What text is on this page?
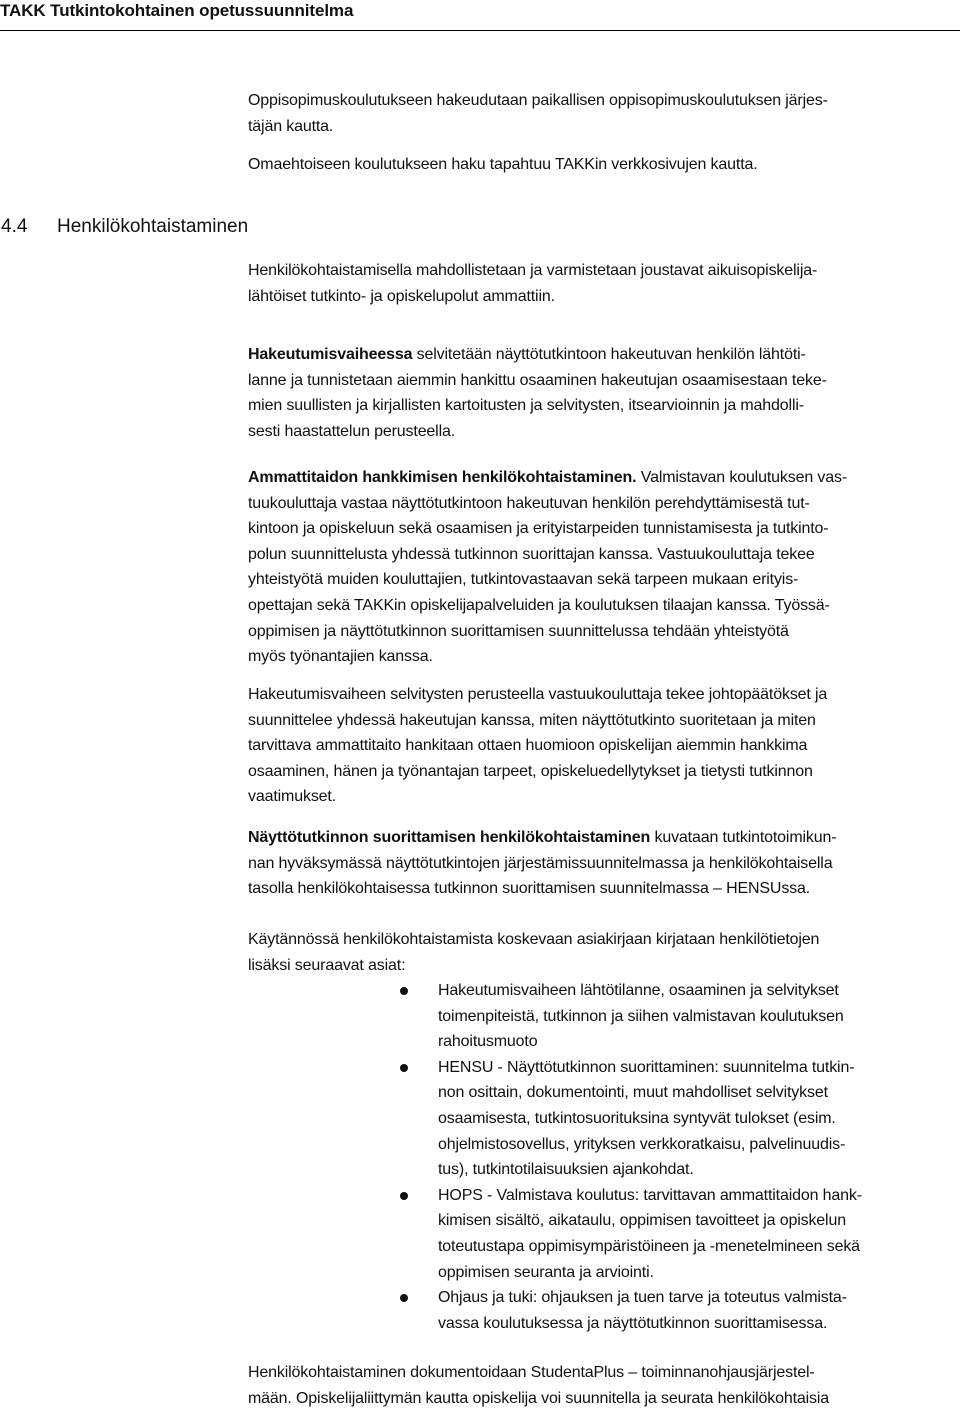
TAKK Tutkintokohtainen opetussuunnitelma
Oppisopimuskoulutukseen hakeudutaan paikallisen oppisopimuskoulutuksen järjes-
täjän kautta.
Omaehtoiseen koulutukseen haku tapahtuu TAKKin verkkosivujen kautta.
4.4 Henkilökohtaistaminen
Henkilökohtaistamisella mahdollistetaan ja varmistetaan joustavat aikuisopiskelija-
lähtöiset tutkinto- ja opiskelupolut ammattiin.
Hakeutumisvaiheessa selvitetään näyttötutkintoon hakeutuvan henkilön lähtöti-
lanne ja tunnistetaan aiemmin hankittu osaaminen hakeutujan osaamisestaan teke-
mien suullisten ja kirjallisten kartoitusten ja selvitysten, itsearvioinnin ja mahdolli-
sesti haastattelun perusteella.
Ammattitaidon hankkimisen henkilökohtaistaminen. Valmistavan koulutuksen vas-
tuukouluttaja vastaa näyttötutkintoon hakeutuvan henkilön perehdyttämisestä tut-
kintoon ja opiskeluun sekä osaamisen ja erityistarpeiden tunnistamisesta ja tutkinto-
polun suunnittelusta yhdessä tutkinnon suorittajan kanssa. Vastuukouluttaja tekee
yhteistyötä muiden kouluttajien, tutkintovastaavan sekä tarpeen mukaan erityis-
opettajan sekä TAKKin opiskelijapalveluiden ja koulutuksen tilaajan kanssa. Työssä-
oppimisen ja näyttötutkinnon suorittamisen suunnittelussa tehdään yhteistyötä
myös työnantajien kanssa.
Hakeutumisvaiheen selvitysten perusteella vastuukouluttaja tekee johtopäätökset ja
suunnittelee yhdessä hakeutujan kanssa, miten näyttötutkinto suoritetaan ja miten
tarvittava ammattitaito hankitaan ottaen huomioon opiskelijan aiemmin hankkima
osaaminen, hänen ja työnantajan tarpeet, opiskeluedellytykset ja tietysti tutkinnon
vaatimukset.
Näyttötutkinnon suorittamisen henkilökohtaistaminen kuvataan tutkintotoimikun-
nan hyväksymässä näyttötutkintojen järjestämissuunnitelmassa ja henkilökohtaisella
tasolla henkilökohtaisessa tutkinnon suorittamisen suunnitelmassa – HENSUssa.
Käytännössä henkilökohtaistamista koskevaan asiakirjaan kirjataan henkilötietojen
lisäksi seuraavat asiat:
Hakeutumisvaiheen lähtötilanne, osaaminen ja selvitykset
toimenpiteistä, tutkinnon ja siihen valmistavan koulutuksen
rahoitusmuoto
HENSU - Näyttötutkinnon suorittaminen: suunnitelma tutkin-
non osittain, dokumentointi, muut mahdolliset selvitykset
osaamisesta, tutkintosuorituksina syntyvät tulokset (esim.
ohjelmistosovellus, yrityksen verkkoratkaisu, palvelinuudis-
tus), tutkintotilaisuuksien ajankohdat.
HOPS - Valmistava koulutus: tarvittavan ammattitaidon hank-
kimisen sisältö, aikataulu, oppimisen tavoitteet ja opiskelun
toteutustapa oppimisympäristöineen ja -menetelmineen sekä
oppimisen seuranta ja arviointi.
Ohjaus ja tuki: ohjauksen ja tuen tarve ja toteutus valmista-
vassa koulutuksessa ja näyttötutkinnon suorittamisessa.
Henkilökohtaistaminen dokumentoidaan StudentaPlus – toiminnanohjausjärjestel-
mään. Opiskelijaliittymän kautta opiskelija voi suunnitella ja seurata henkilökohtaisia
